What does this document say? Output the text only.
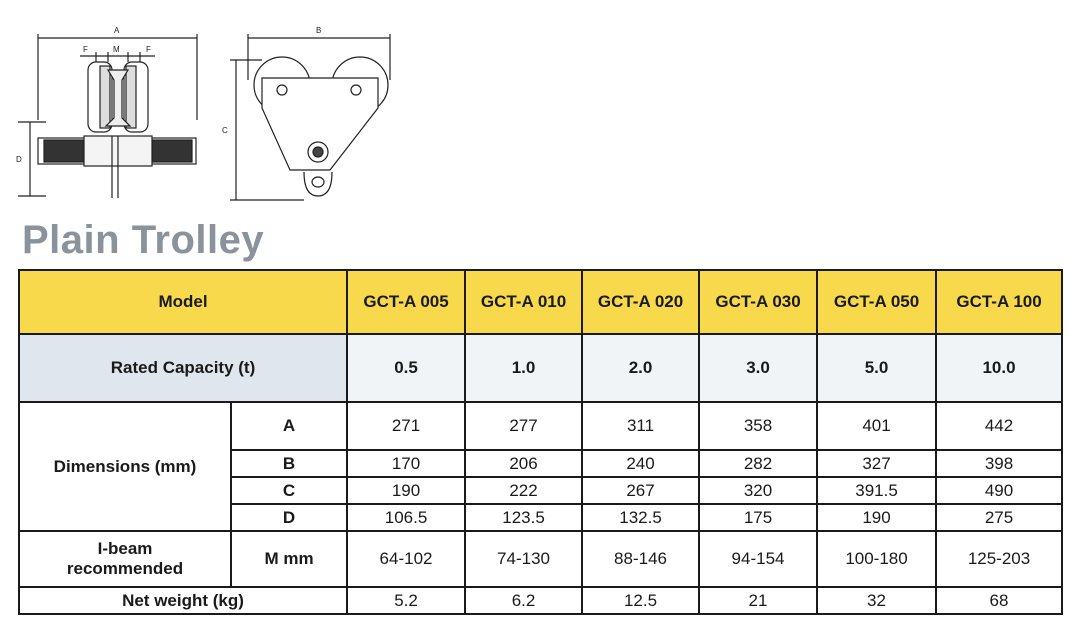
A
F	M	F
D
B
C
Plain Trolley
Model		GCT-A 005	GCT-A 010	GCT-A 020	GCT-A 030	GCT-A 050	GCT-A 100
Rated Capacity (t)		0.5	1.0	2.0	3.0	5.0	10.0
Dimensions (mm)	A	271	277	311	358	401	442
	B	170	206	240	282	327	398
	C	190	222	267	320	391.5	490
	D	106.5	123.5	132.5	175	190	275

I-beam
recommended	M mm	64-102	74-130	88-146	94-154	100-180	125-203
Net weight (kg)		5.2	6.2	12.5	21	32	68
